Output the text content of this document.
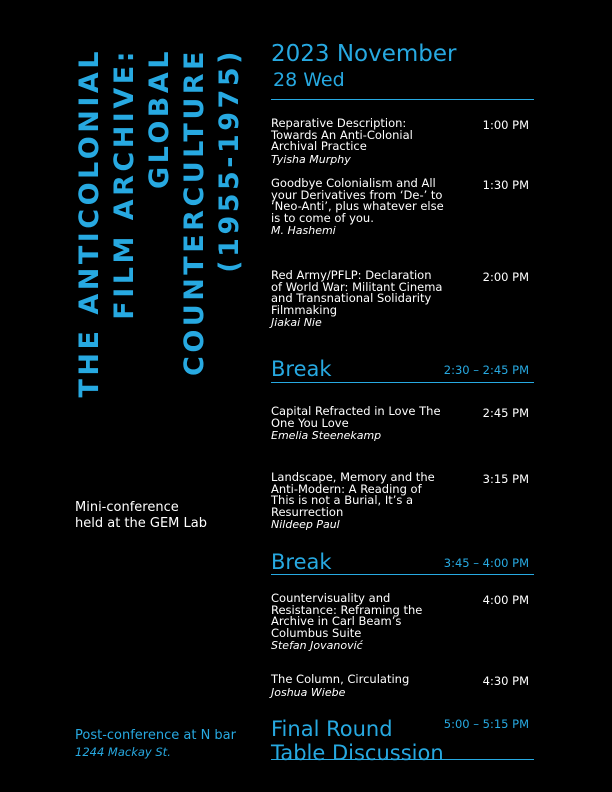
THE ANTICOLONIAL FILM ARCHIVE: GLOBAL COUNTERCULTURE (1955-1975)
Mini-conference
held at the GEM Lab
Post-conference at N bar
1244 Mackay St.
2023 November
28 Wed
Reparative Description: Towards An Anti-Colonial Archival Practice
Tyisha Murphy
1:00 PM
Goodbye Colonialism and All your Derivatives from ‘De-’ to ‘Neo-Anti’, plus whatever else is to come of you.
M. Hashemi
1:30 PM
Red Army/PFLP: Declaration of World War: Militant Cinema and Transnational Solidarity Filmmaking
Jiakai Nie
2:00 PM
Break	2:30 – 2:45 PM
Capital Refracted in Love The One You Love
Emelia Steenekamp
2:45 PM
Landscape, Memory and the Anti-Modern: A Reading of This is not a Burial, It’s a Resurrection
Nildeep Paul
3:15 PM
Break	3:45 – 4:00 PM
Countervisuality and Resistance: Reframing the Archive in Carl Beam’s Columbus Suite
Stefan Jovanović
4:00 PM
The Column, Circulating
Joshua Wiebe
4:30 PM
Final Round
Table Discussion
5:00 – 5:15 PM
